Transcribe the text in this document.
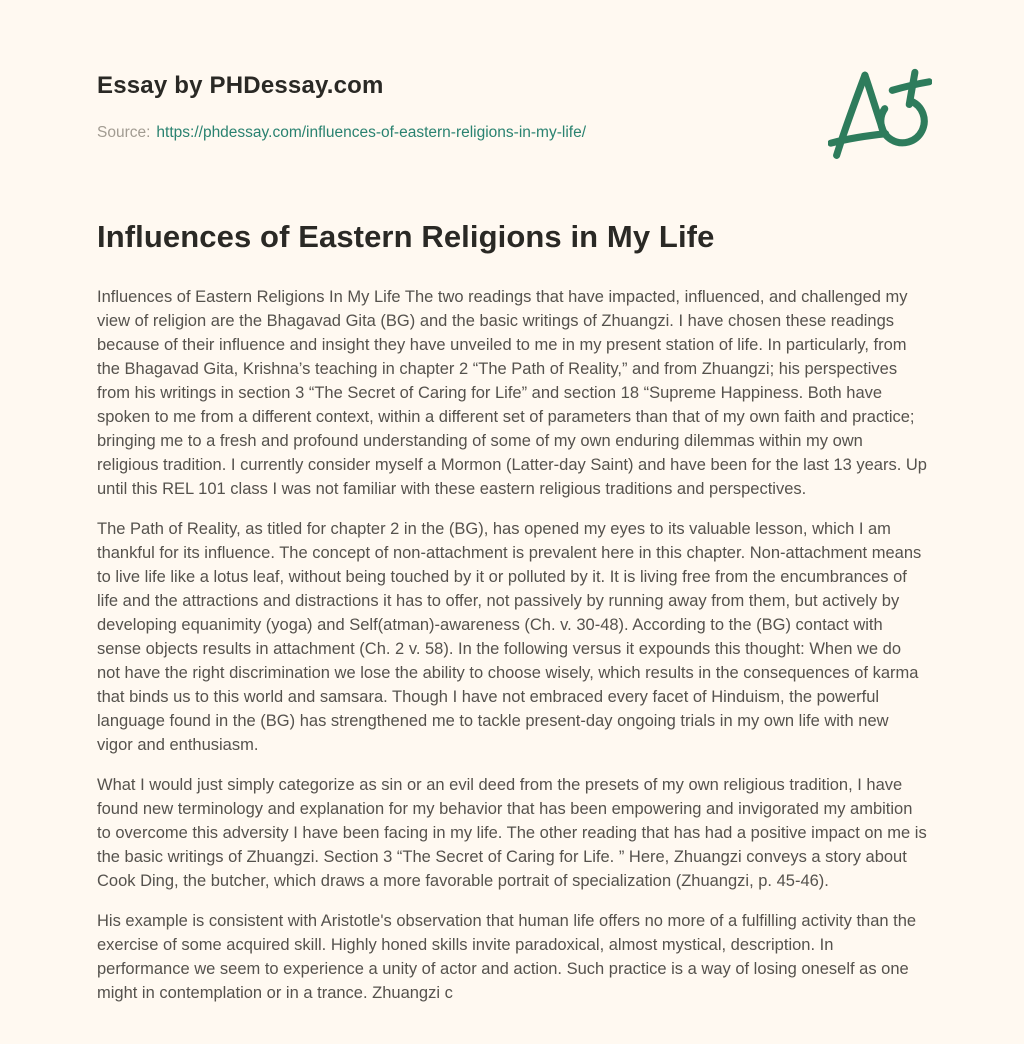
Essay by PHDessay.com
Source: https://phdessay.com/influences-of-eastern-religions-in-my-life/
Influences of Eastern Religions in My Life

Influences of Eastern Religions In My Life The two readings that have impacted, influenced, and challenged my view of religion are the Bhagavad Gita (BG) and the basic writings of Zhuangzi. I have chosen these readings because of their influence and insight they have unveiled to me in my present station of life. In particularly, from the Bhagavad Gita, Krishna’s teaching in chapter 2 “The Path of Reality,” and from Zhuangzi; his perspectives from his writings in section 3 “The Secret of Caring for Life” and section 18 “Supreme Happiness. Both have spoken to me from a different context, within a different set of parameters than that of my own faith and practice; bringing me to a fresh and profound understanding of some of my own enduring dilemmas within my own religious tradition. I currently consider myself a Mormon (Latter-day Saint) and have been for the last 13 years. Up until this REL 101 class I was not familiar with these eastern religious traditions and perspectives.

The Path of Reality, as titled for chapter 2 in the (BG), has opened my eyes to its valuable lesson, which I am thankful for its influence. The concept of non-attachment is prevalent here in this chapter. Non-attachment means to live life like a lotus leaf, without being touched by it or polluted by it. It is living free from the encumbrances of life and the attractions and distractions it has to offer, not passively by running away from them, but actively by developing equanimity (yoga) and Self(atman)-awareness (Ch. v. 30-48). According to the (BG) contact with sense objects results in attachment (Ch. 2 v. 58). In the following versus it expounds this thought: When we do not have the right discrimination we lose the ability to choose wisely, which results in the consequences of karma that binds us to this world and samsara. Though I have not embraced every facet of Hinduism, the powerful language found in the (BG) has strengthened me to tackle present-day ongoing trials in my own life with new vigor and enthusiasm.

What I would just simply categorize as sin or an evil deed from the presets of my own religious tradition, I have found new terminology and explanation for my behavior that has been empowering and invigorated my ambition to overcome this adversity I have been facing in my life. The other reading that has had a positive impact on me is the basic writings of Zhuangzi. Section 3 “The Secret of Caring for Life. ” Here, Zhuangzi conveys a story about Cook Ding, the butcher, which draws a more favorable portrait of specialization (Zhuangzi, p. 45-46).

His example is consistent with Aristotle's observation that human life offers no more of a fulfilling activity than the exercise of some acquired skill. Highly honed skills invite paradoxical, almost mystical, description. In performance we seem to experience a unity of actor and action. Such practice is a way of losing oneself as one might in contemplation or in a trance. Zhuangzi c
